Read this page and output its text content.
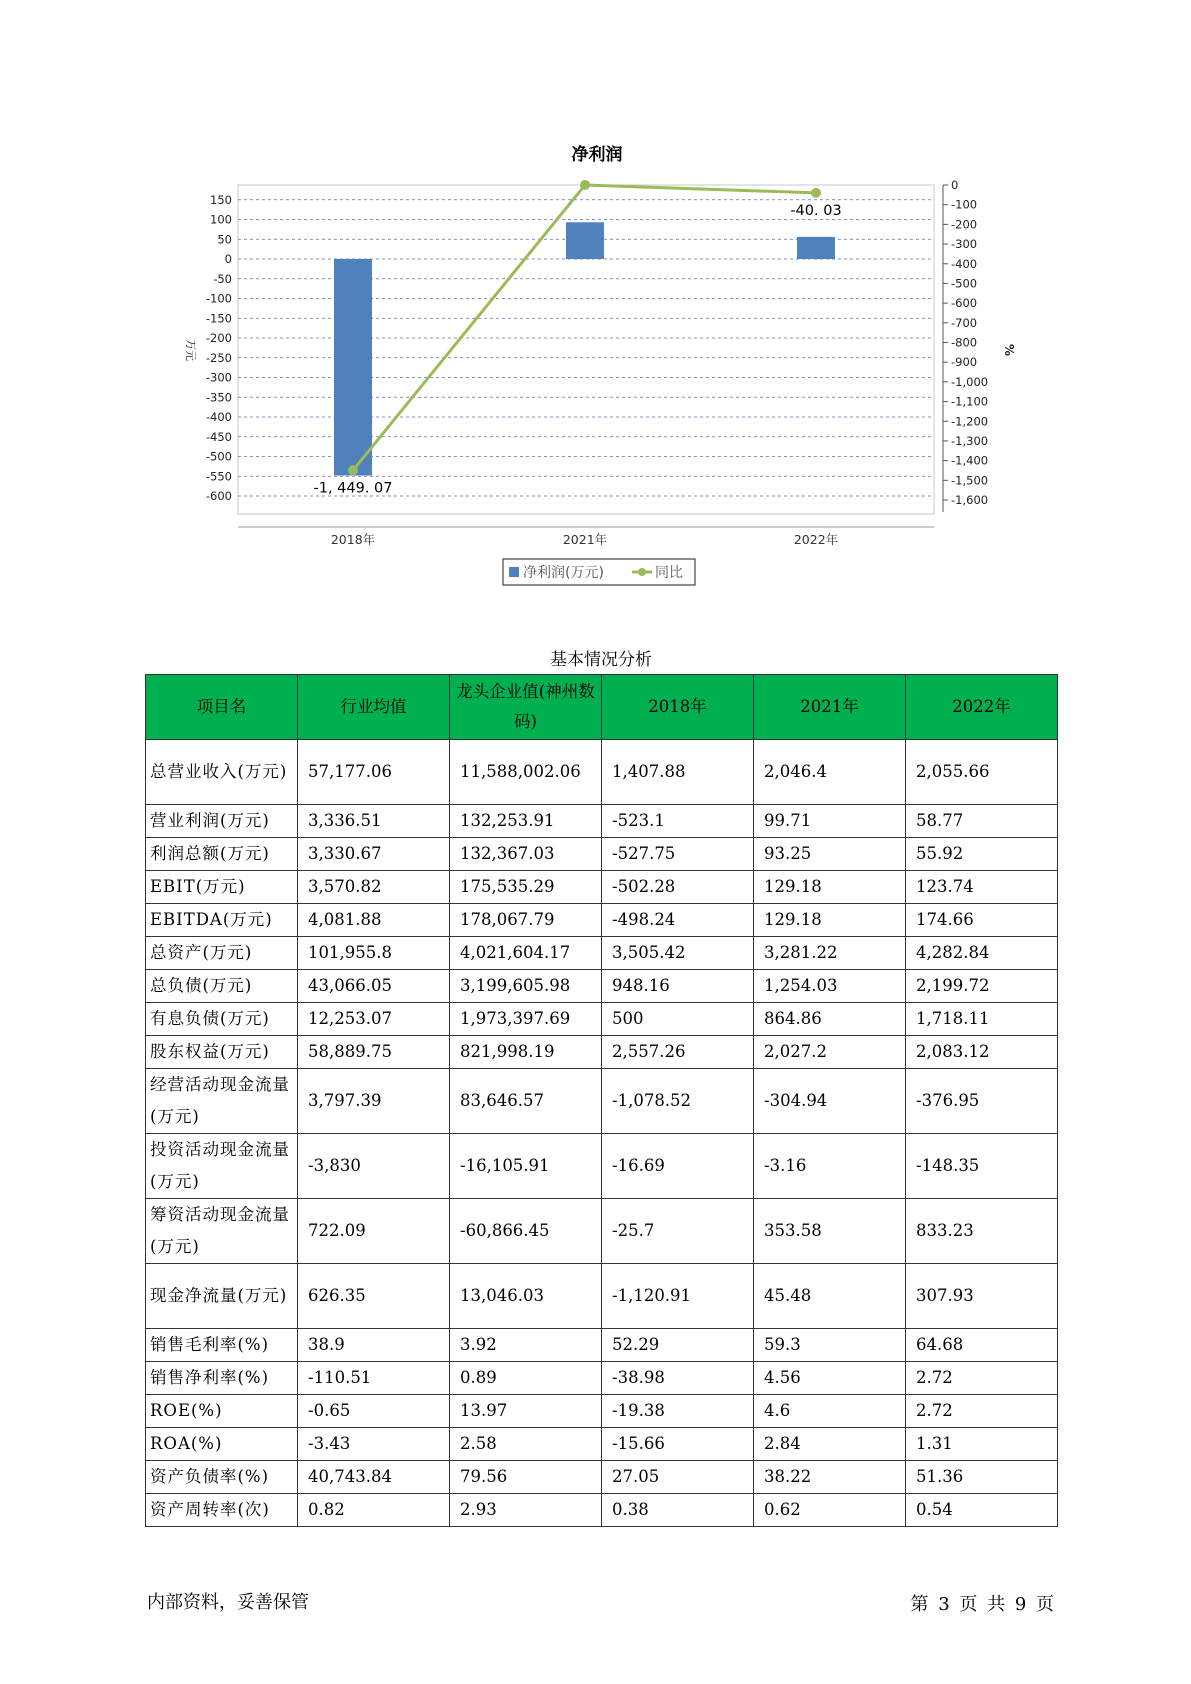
净利润
150
100
50
0
-50
-100
-150
-200
-250
-300
-350
-400
-450
-500
-550
-600
0
-100
-200
-300
-400
-500
-600
-700
-800
-900
-1,000
-1,100
-1,200
-1,300
-1,400
-1,500
-1,600
万元	%
2018年	2021年	2022年
-1, 449. 07
-40. 03
净利润(万元)	同比
基本情况分析
项目名	行业均值	龙头企业值(神州数码)	2018年	2021年	2022年
总营业收入(万元)	57,177.06	11,588,002.06	1,407.88	2,046.4	2,055.66
营业利润(万元)	3,336.51	132,253.91	-523.1	99.71	58.77
利润总额(万元)	3,330.67	132,367.03	-527.75	93.25	55.92
EBIT(万元)	3,570.82	175,535.29	-502.28	129.18	123.74
EBITDA(万元)	4,081.88	178,067.79	-498.24	129.18	174.66
总资产(万元)	101,955.8	4,021,604.17	3,505.42	3,281.22	4,282.84
总负债(万元)	43,066.05	3,199,605.98	948.16	1,254.03	2,199.72
有息负债(万元)	12,253.07	1,973,397.69	500	864.86	1,718.11
股东权益(万元)	58,889.75	821,998.19	2,557.26	2,027.2	2,083.12
经营活动现金流量(万元)	3,797.39	83,646.57	-1,078.52	-304.94	-376.95
投资活动现金流量(万元)	-3,830	-16,105.91	-16.69	-3.16	-148.35
筹资活动现金流量(万元)	722.09	-60,866.45	-25.7	353.58	833.23
现金净流量(万元)	626.35	13,046.03	-1,120.91	45.48	307.93
销售毛利率(%)	38.9	3.92	52.29	59.3	64.68
销售净利率(%)	-110.51	0.89	-38.98	4.56	2.72
ROE(%)	-0.65	13.97	-19.38	4.6	2.72
ROA(%)	-3.43	2.58	-15.66	2.84	1.31
资产负债率(%)	40,743.84	79.56	27.05	38.22	51.36
资产周转率(次)	0.82	2.93	0.38	0.62	0.54
内部资料，妥善保管	第 3 页 共 9 页
